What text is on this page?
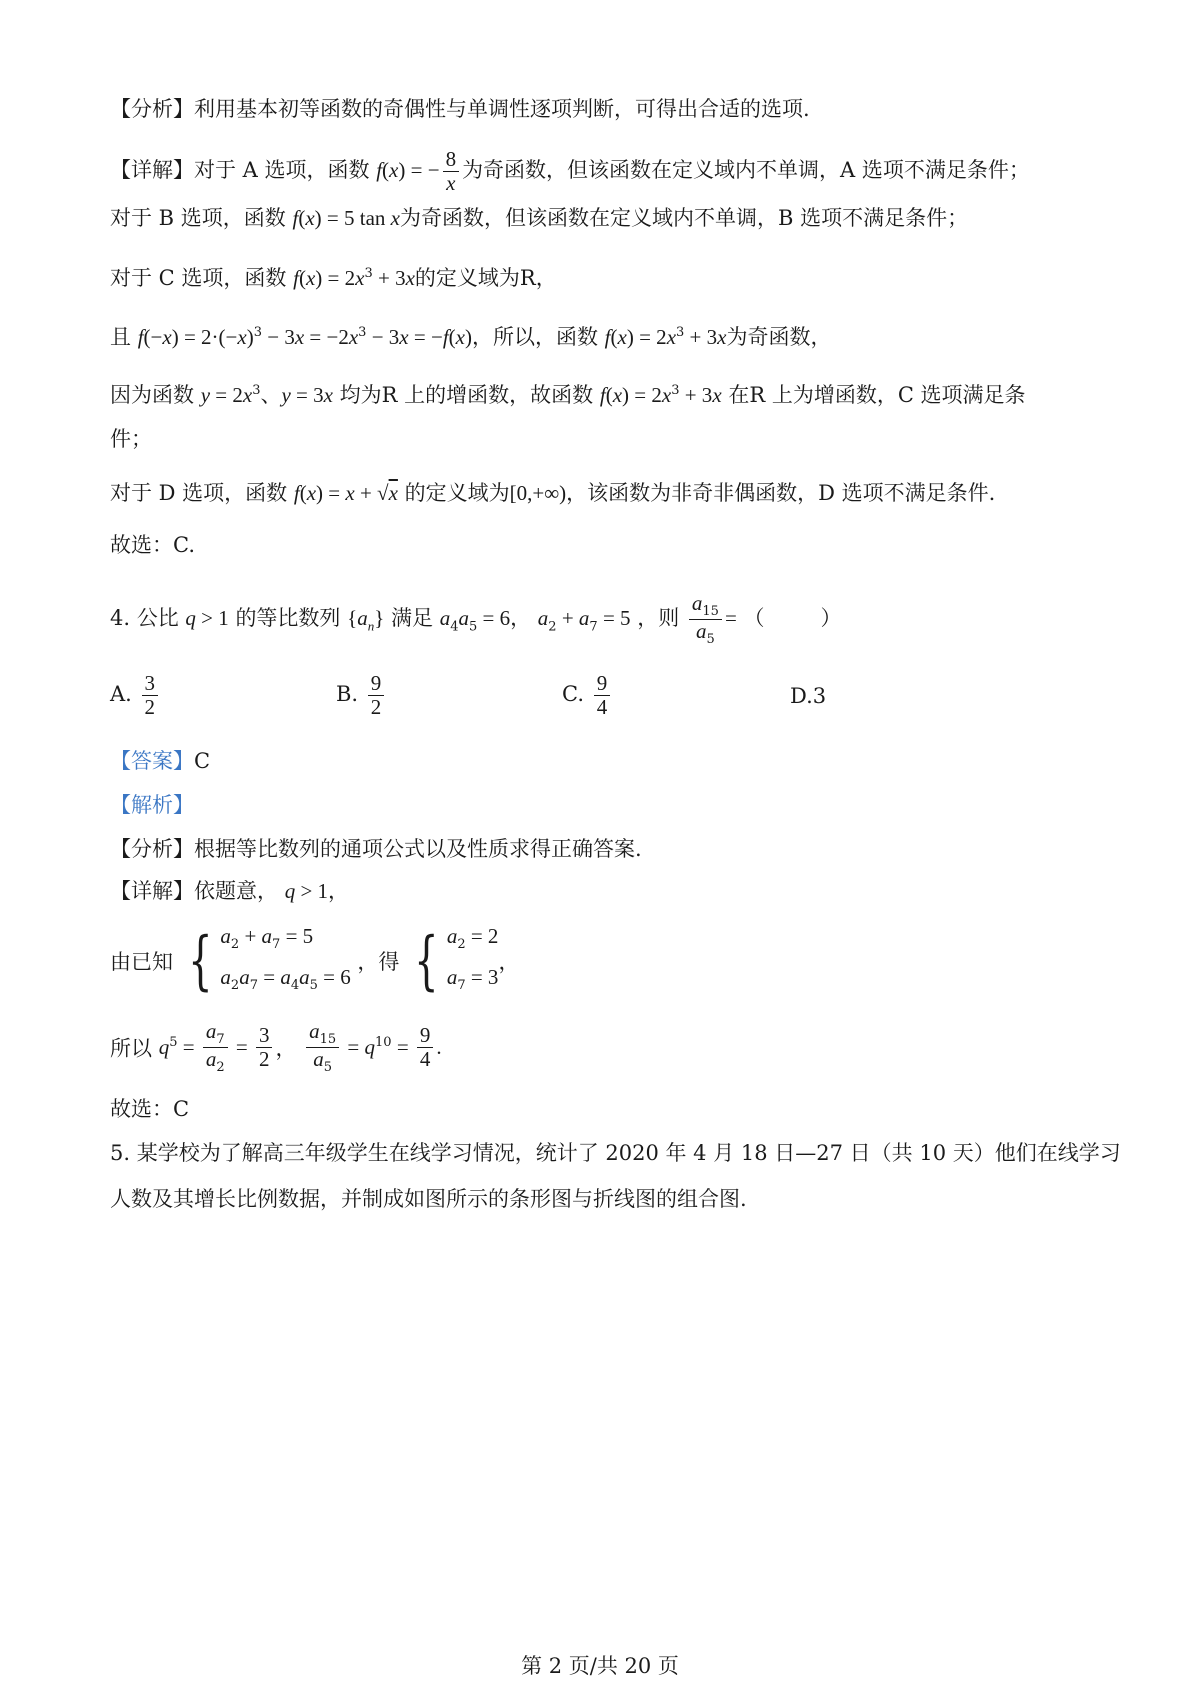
【分析】利用基本初等函数的奇偶性与单调性逐项判断，可得出合适的选项.
【详解】对于 A 选项，函数 f(x) = − $\frac{8}{x}$ 为奇函数，但该函数在定义域内不单调，A 选项不满足条件；
对于 B 选项，函数 f(x) = 5 tan x为奇函数，但该函数在定义域内不单调，B 选项不满足条件；
对于 C 选项，函数 $f(x) = 2x^3 + 3x$的定义域为R，
且 $f(-x) = 2\cdot(-x)^3 - 3x = -2x^3 - 3x = -f(x)$，所以，函数 $f(x) = 2x^3 + 3x$为奇函数，
因为函数 $y = 2x^3$、y = 3x 均为R 上的增函数，故函数 $f(x) = 2x^3 + 3x$ 在R 上为增函数，C 选项满足条
件；
对于 D 选项，函数 f(x) = x + √x 的定义域为[0,+∞)，该函数为非奇非偶函数，D 选项不满足条件.
故选：C.
4. 公比 q > 1 的等比数列 $\{a_n\}$ 满足 $a_4a_5 = 6$， $a_2 + a_7 = 5$ ，则 $\frac{a_{15}}{a_5}$ = （	）
A. $\frac{3}{2}$	B. $\frac{9}{2}$	C. $\frac{9}{4}$	D.3
【答案】C
【解析】
【分析】根据等比数列的通项公式以及性质求得正确答案.
【详解】依题意， q > 1，
由已知 { $a_2 + a_7 = 5$
$a_2a_7 = a_4a_5 = 6$
，得 { $a_2 = 2$
$a_7 = 3$
，
所以 $q^5 = \frac{a_7}{a_2} = \frac{3}{2}$ ， $\frac{a_{15}}{a_5} = q^{10} = \frac{9}{4}$ .
故选：C
5. 某学校为了解高三年级学生在线学习情况，统计了 2020 年 4 月 18 日—27 日（共 10 天）他们在线学习
人数及其增长比例数据，并制成如图所示的条形图与折线图的组合图.
第 2 页/共 20 页
